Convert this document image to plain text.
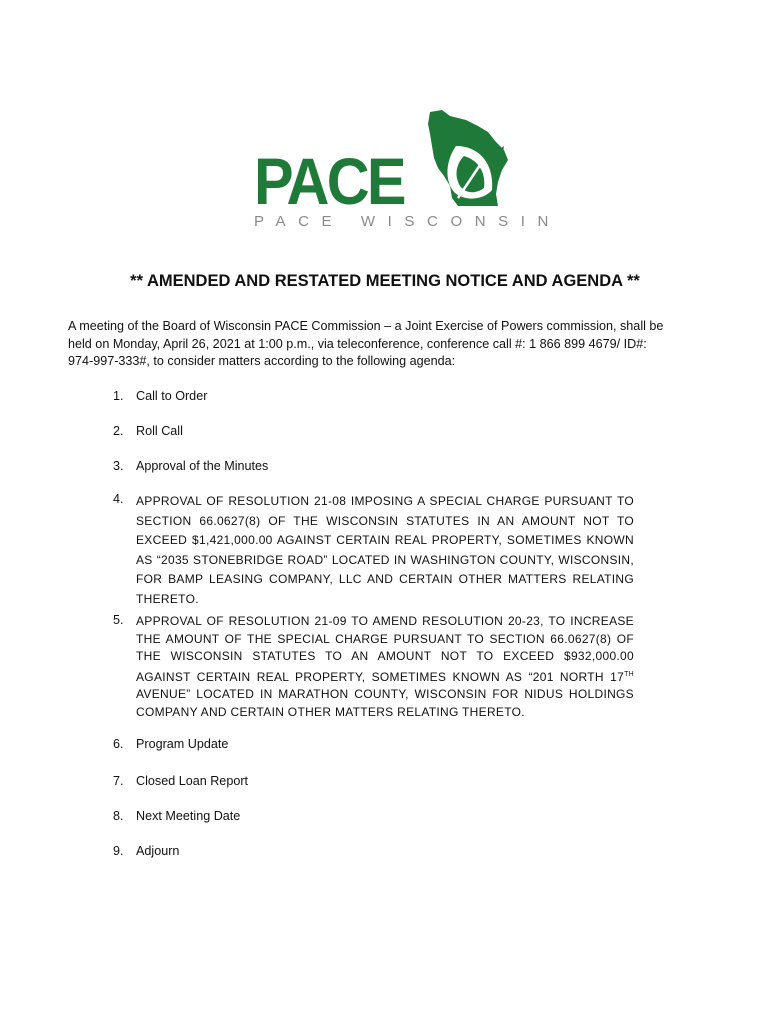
PACE
PACE WISCONSIN
** AMENDED AND RESTATED MEETING NOTICE AND AGENDA **
A meeting of the Board of Wisconsin PACE Commission – a Joint Exercise of Powers commission, shall be held on Monday, April 26, 2021 at 1:00 p.m., via teleconference, conference call #: 1 866 899 4679/ ID#: 974-997-333#, to consider matters according to the following agenda:
1. Call to Order
2. Roll Call
3. Approval of the Minutes
4. APPROVAL OF RESOLUTION 21-08 IMPOSING A SPECIAL CHARGE PURSUANT TO SECTION 66.0627(8) OF THE WISCONSIN STATUTES IN AN AMOUNT NOT TO EXCEED $1,421,000.00 AGAINST CERTAIN REAL PROPERTY, SOMETIMES KNOWN AS “2035 STONEBRIDGE ROAD” LOCATED IN WASHINGTON COUNTY, WISCONSIN, FOR BAMP LEASING COMPANY, LLC AND CERTAIN OTHER MATTERS RELATING THERETO.
5. APPROVAL OF RESOLUTION 21-09 TO AMEND RESOLUTION 20-23, TO INCREASE THE AMOUNT OF THE SPECIAL CHARGE PURSUANT TO SECTION 66.0627(8) OF THE WISCONSIN STATUTES TO AN AMOUNT NOT TO EXCEED $932,000.00 AGAINST CERTAIN REAL PROPERTY, SOMETIMES KNOWN AS “201 NORTH 17TH AVENUE” LOCATED IN MARATHON COUNTY, WISCONSIN FOR NIDUS HOLDINGS COMPANY AND CERTAIN OTHER MATTERS RELATING THERETO.
6. Program Update
7. Closed Loan Report
8. Next Meeting Date
9. Adjourn
